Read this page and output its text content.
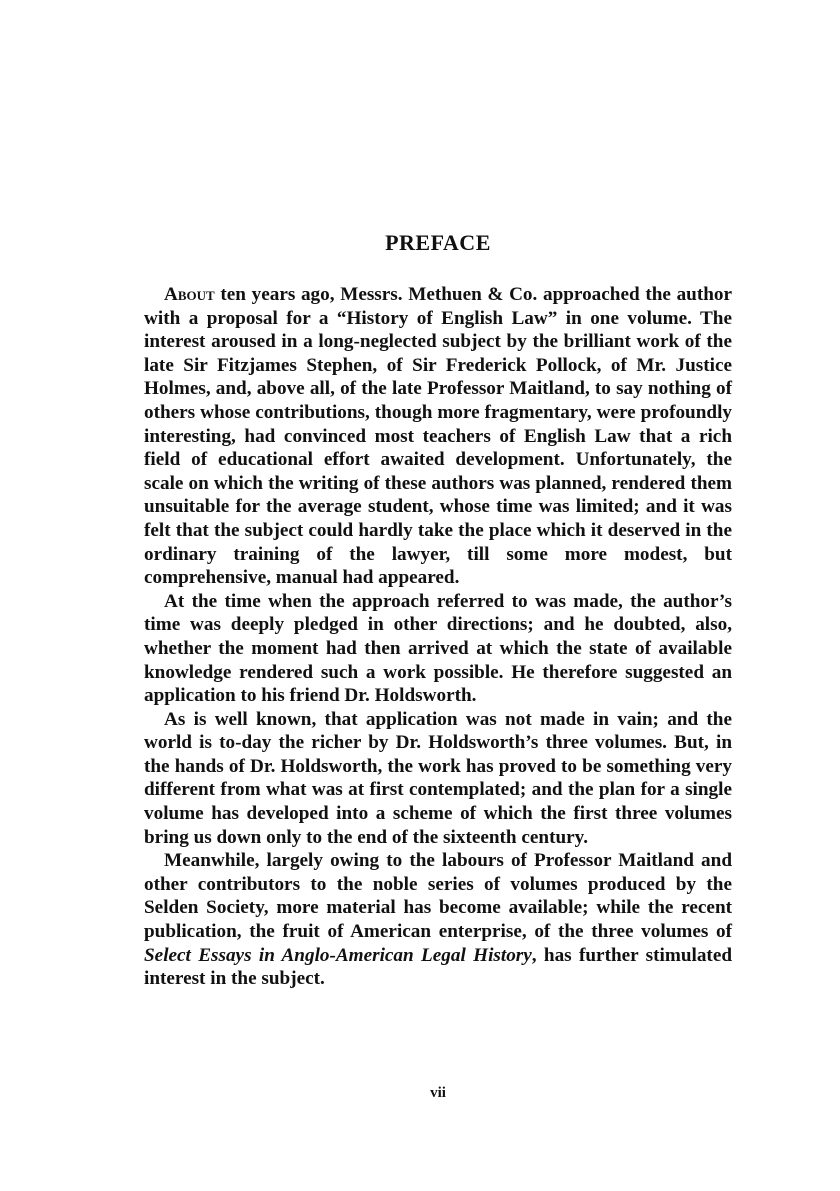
PREFACE

About ten years ago, Messrs. Methuen & Co. approached the author with a proposal for a “History of English Law” in one volume. The interest aroused in a long-neglected subject by the brilliant work of the late Sir Fitzjames Stephen, of Sir Frederick Pollock, of Mr. Justice Holmes, and, above all, of the late Professor Maitland, to say nothing of others whose contributions, though more fragmentary, were profoundly interesting, had convinced most teachers of English Law that a rich field of educational effort awaited development. Unfortunately, the scale on which the writing of these authors was planned, rendered them unsuitable for the average student, whose time was limited; and it was felt that the subject could hardly take the place which it deserved in the ordinary training of the lawyer, till some more modest, but comprehensive, manual had appeared.

At the time when the approach referred to was made, the author’s time was deeply pledged in other directions; and he doubted, also, whether the moment had then arrived at which the state of available knowledge rendered such a work possible. He therefore suggested an application to his friend Dr. Holdsworth.

As is well known, that application was not made in vain; and the world is to-day the richer by Dr. Holdsworth’s three volumes. But, in the hands of Dr. Holdsworth, the work has proved to be something very different from what was at first contemplated; and the plan for a single volume has developed into a scheme of which the first three volumes bring us down only to the end of the sixteenth century.

Meanwhile, largely owing to the labours of Professor Maitland and other contributors to the noble series of volumes produced by the Selden Society, more material has become available; while the recent publication, the fruit of American enterprise, of the three volumes of Select Essays in Anglo-American Legal History, has further stimulated interest in the subject.

vii
